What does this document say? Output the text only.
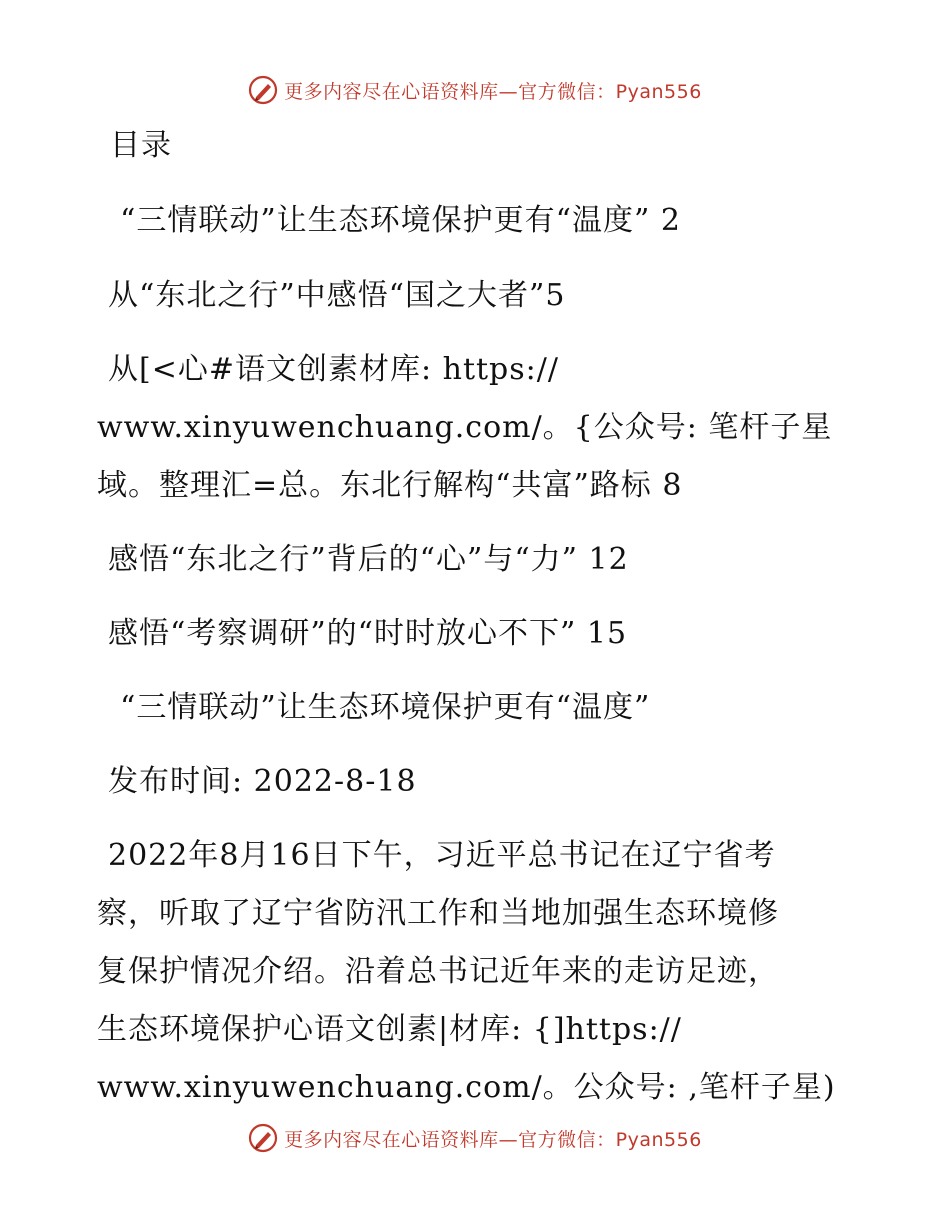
更多内容尽在心语资料库—官方微信：Pyan556
目录
“三情联动”让生态环境保护更有“温度” 2
从“东北之行”中感悟“国之大者”5
从[<心#语文创素材库: https://
www.xinyuwenchuang.com/。{公众号: 笔杆子星
域。整理汇=总。东北行解构“共富”路标 8
感悟“东北之行”背后的“心”与“力” 12
感悟“考察调研”的“时时放心不下” 15
“三情联动”让生态环境保护更有“温度”
发布时间: 2022-8-18
2022年8月16日下午，习近平总书记在辽宁省考
察，听取了辽宁省防汛工作和当地加强生态环境修
复保护情况介绍。沿着总书记近年来的走访足迹，
生态环境保护心语文创素|材库: {]https://
www.xinyuwenchuang.com/。公众号: ,笔杆子星)
更多内容尽在心语资料库—官方微信：Pyan556
